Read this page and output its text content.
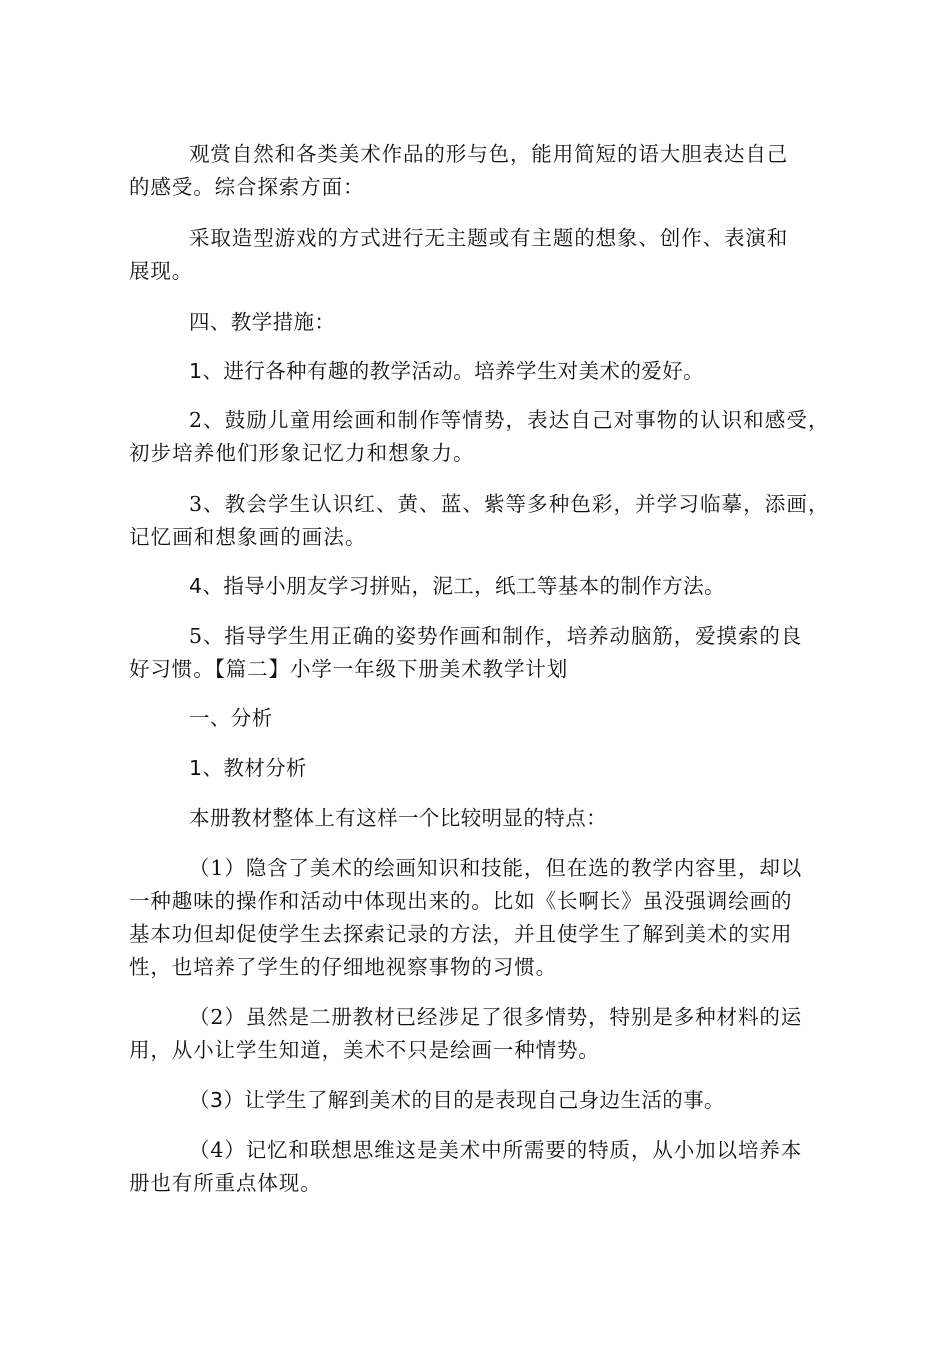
观赏自然和各类美术作品的形与色，能用简短的语大胆表达自己
的感受。综合探索方面：

采取造型游戏的方式进行无主题或有主题的想象、创作、表演和
展现。

四、教学措施：

1、进行各种有趣的教学活动。培养学生对美术的爱好。

2、鼓励儿童用绘画和制作等情势，表达自己对事物的认识和感受，
初步培养他们形象记忆力和想象力。

3、教会学生认识红、黄、蓝、紫等多种色彩，并学习临摹，添画，
记忆画和想象画的画法。

4、指导小朋友学习拼贴，泥工，纸工等基本的制作方法。

5、指导学生用正确的姿势作画和制作，培养动脑筋，爱摸索的良
好习惯。【篇二】小学一年级下册美术教学计划

一、分析

1、教材分析

本册教材整体上有这样一个比较明显的特点：

（1）隐含了美术的绘画知识和技能，但在选的教学内容里，却以
一种趣味的操作和活动中体现出来的。比如《长啊长》虽没强调绘画的
基本功但却促使学生去探索记录的方法，并且使学生了解到美术的实用
性，也培养了学生的仔细地视察事物的习惯。

（2）虽然是二册教材已经涉足了很多情势，特别是多种材料的运
用，从小让学生知道，美术不只是绘画一种情势。

（3）让学生了解到美术的目的是表现自己身边生活的事。

（4）记忆和联想思维这是美术中所需要的特质，从小加以培养本
册也有所重点体现。
